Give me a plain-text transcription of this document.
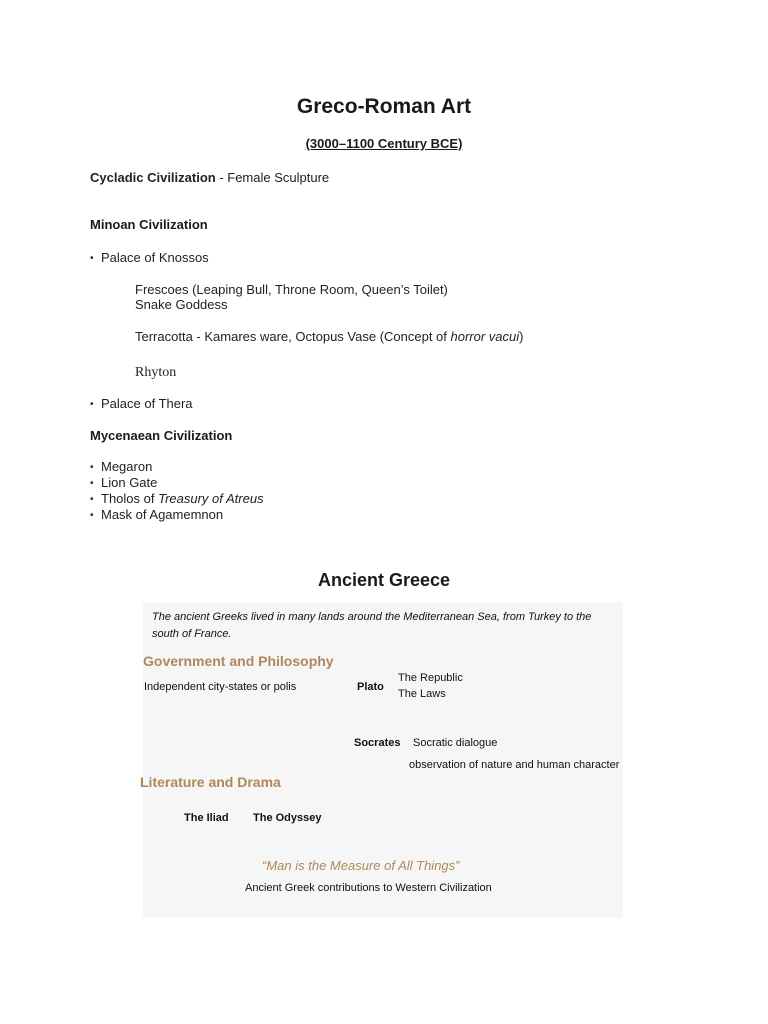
Greco-Roman Art
(3000–1100 Century BCE)
Cycladic Civilization - Female Sculpture
Minoan Civilization
• Palace of Knossos
Frescoes (Leaping Bull, Throne Room, Queen’s Toilet)
Snake Goddess
Terracotta - Kamares ware, Octopus Vase (Concept of horror vacui)
Rhyton
• Palace of Thera
Mycenaean Civilization
• Megaron
• Lion Gate
• Tholos of Treasury of Atreus
• Mask of Agamemnon
Ancient Greece
The ancient Greeks lived in many lands around the Mediterranean Sea, from Turkey to the
south of France.
Government and Philosophy
Independent city-states or polis	Plato
The Republic
The Laws
Socrates Socratic dialogue
observation of nature and human character
Literature and Drama
The Iliad The Odyssey
“Man is the Measure of All Things”
Ancient Greek contributions to Western Civilization
